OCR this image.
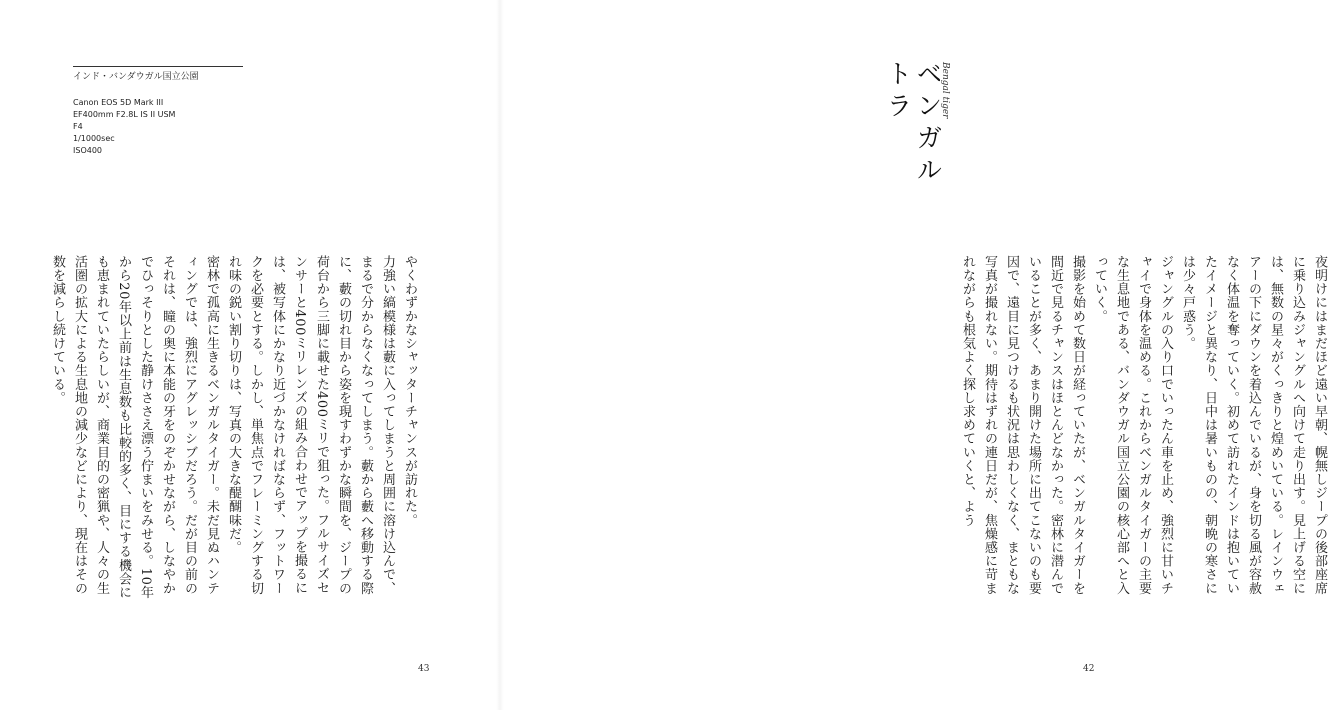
インド・バンダウガル国立公園
Canon EOS 5D Mark III
EF400mm F2.8L IS II USM
F4
1/1000sec
ISO400

やくわずかなシャッターチャンスが訪れた。

力強い縞模様は藪に入ってしまうと周囲に溶け込んで、まるで分からなくなってしまう。藪から藪へ移動する際に、藪の切れ目から姿を現すわずかな瞬間を、ジープの荷台から三脚に載せた400ミリで狙った。フルサイズセンサーと400ミリレンズの組み合わせでアップを撮るには、被写体にかなり近づかなければならず、フットワークを必要とする。しかし、単焦点でフレーミングする切れ味の鋭い割り切りは、写真の大きな醍醐味だ。

密林で孤高に生きるベンガルタイガー。未だ見ぬハンティングでは、強烈にアグレッシブだろう。だが目の前のそれは、瞳の奥に本能の牙をのぞかせながら、しなやかでひっそりとした静けささえ漂う佇まいをみせる。10年から20年以上前は生息数も比較的多く、目にする機会にも恵まれていたらしいが、商業目的の密猟や、人々の生活圏の拡大による生息地の減少などにより、現在はその数を減らし続けている。

43

夜明けにはまだほど遠い早朝、幌無しジープの後部座席に乗り込みジャングルへ向けて走り出す。見上げる空には、無数の星々がくっきりと煌めいている。レインウェアーの下にダウンを着込んでいるが、身を切る風が容赦なく体温を奪っていく。初めて訪れたインドは抱いていたイメージと異なり、日中は暑いものの、朝晩の寒さには少々戸惑う。

ジャングルの入り口でいったん車を止め、強烈に甘いチャイで身体を温める。これからベンガルタイガーの主要な生息地である、バンダウガル国立公園の核心部へと入っていく。

撮影を始めて数日が経っていたが、ベンガルタイガーを間近で見るチャンスはほとんどなかった。密林に潜んでいることが多く、あまり開けた場所に出てこないのも要因で、遠目に見つけるも状況は思わしくなく、まともな写真が撮れない。期待はずれの連日だが、焦燥感に苛まれながらも根気よく探し求めていくと、よう

42
ベンガルトラ	Bengal tiger
